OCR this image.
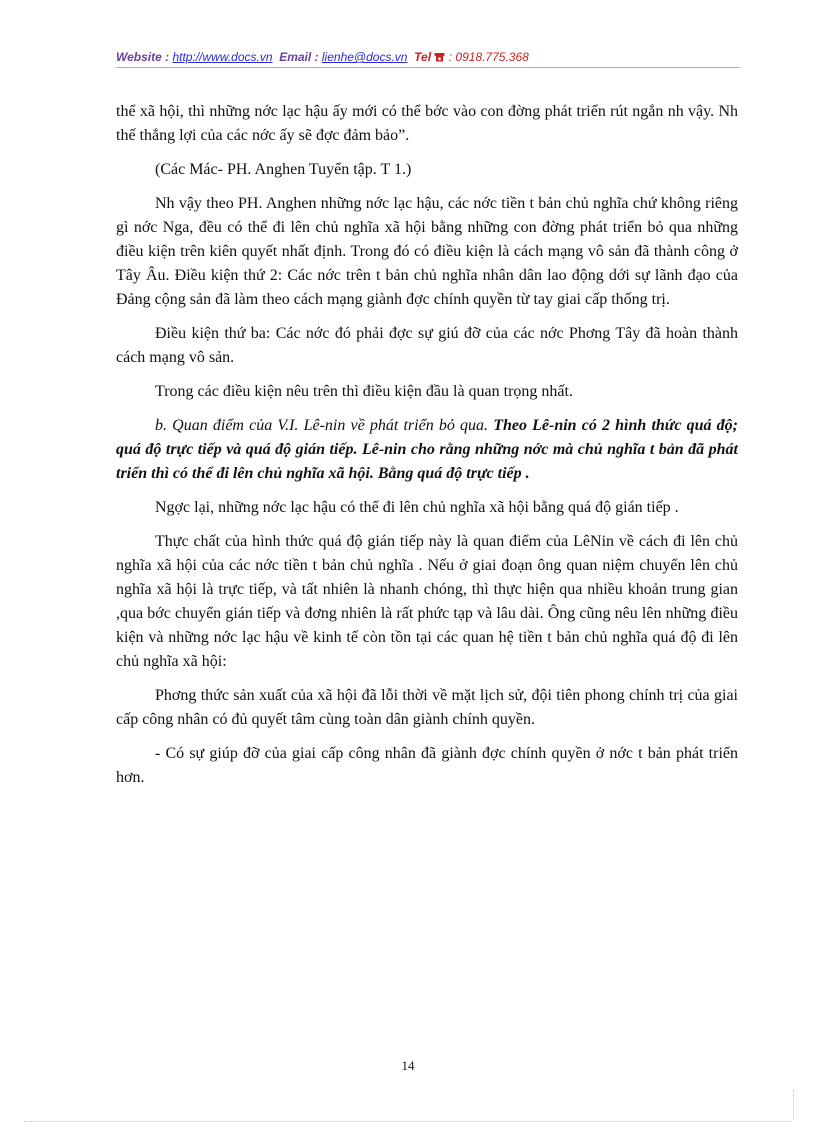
Website : http://www.docs.vn Email : lienhe@docs.vn Tel : 0918.775.368

thể xã hội, thì những nớc lạc hậu ấy mới có thể bớc vào con đờng phát triển rút ngắn nh vậy. Nh thế thắng lợi của các nớc ấy sẽ đợc đảm bảo”.

(Các Mác- PH. Anghen Tuyển tập. T 1.)

Nh vậy theo PH. Anghen những nớc lạc hậu, các nớc tiền t bản chủ nghĩa chứ không riêng gì nớc Nga, đều có thể đi lên chủ nghĩa xã hội bằng những con đờng phát triển bỏ qua những điều kiện trên kiên quyết nhất định. Trong đó có điều kiện là cách mạng vô sản đã thành công ở Tây Âu. Điều kiện thứ 2: Các nớc trên t bản chủ nghĩa nhân dân lao động dới sự lãnh đạo của Đảng cộng sản đã làm theo cách mạng giành đợc chính quyền từ tay giai cấp thống trị.

Điều kiện thứ ba: Các nớc đó phải đợc sự giú đỡ của các nớc Phơng Tây đã hoàn thành cách mạng vô sản.

Trong các điều kiện nêu trên thì điều kiện đầu là quan trọng nhất.

b. Quan điểm của V.I. Lê-nin về phát triển bỏ qua. Theo Lê-nin có 2 hình thức quá độ; quá độ trực tiếp và quá độ gián tiếp. Lê-nin cho rằng những nớc mà chủ nghĩa t bản đã phát triển thì có thể đi lên chủ nghĩa xã hội. Bằng quá độ trực tiếp .

Ngợc lại, những nớc lạc hậu có thể đi lên chủ nghĩa xã hội bằng quá độ gián tiếp .

Thực chất của hình thức quá độ gián tiếp này là quan điểm của LêNin về cách đi lên chủ nghĩa xã hội của các nớc tiền t bản chủ nghĩa . Nếu ở giai đoạn ông quan niệm chuyển lên chủ nghĩa xã hội là trực tiếp, và tất nhiên là nhanh chóng, thì thực hiện qua nhiều khoản trung gian ,qua bớc chuyển gián tiếp và đơng nhiên là rất phức tạp và lâu dài. Ông cũng nêu lên những điều kiện và những nớc lạc hậu về kinh tế còn tồn tại các quan hệ tiền t bản chủ nghĩa quá độ đi lên chủ nghĩa xã hội:

Phơng thức sản xuất của xã hội đã lỗi thời về mặt lịch sử, đội tiên phong chính trị của giai cấp công nhân có đủ quyết tâm cùng toàn dân giành chính quyền.

- Có sự giúp đỡ của giai cấp công nhân đã giành đợc chính quyền ở nớc t bản phát triển hơn.

14
